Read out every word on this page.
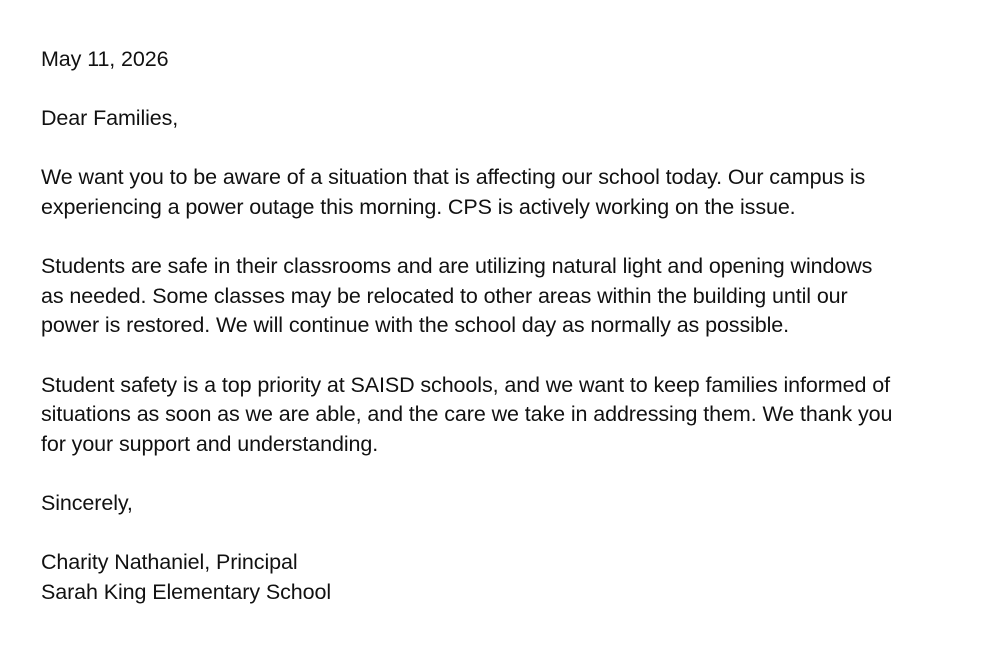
May 11, 2026

Dear Families,

We want you to be aware of a situation that is affecting our school today. Our campus is
experiencing a power outage this morning. CPS is actively working on the issue.

Students are safe in their classrooms and are utilizing natural light and opening windows
as needed. Some classes may be relocated to other areas within the building until our
power is restored. We will continue with the school day as normally as possible.

Student safety is a top priority at SAISD schools, and we want to keep families informed of
situations as soon as we are able, and the care we take in addressing them. We thank you
for your support and understanding.

Sincerely,

Charity Nathaniel, Principal
Sarah King Elementary School
